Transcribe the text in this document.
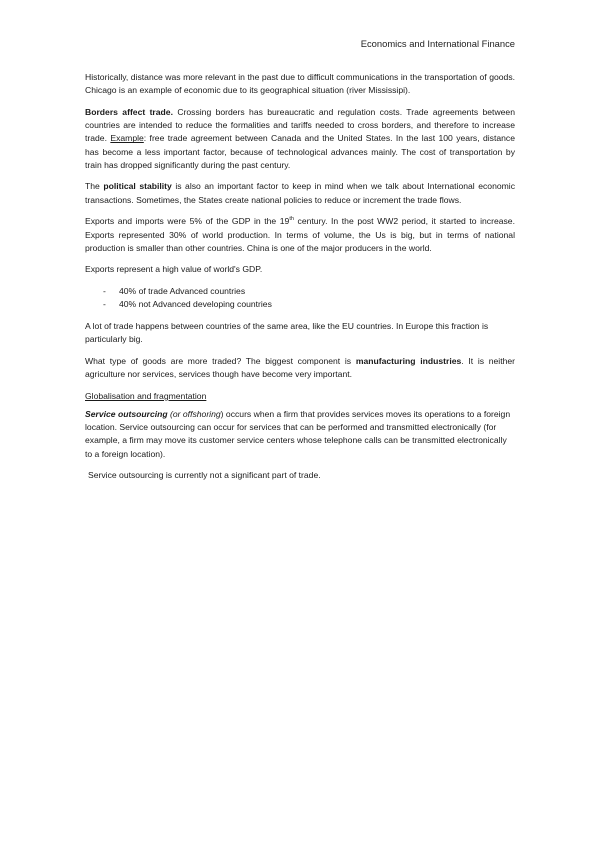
Economics and International Finance

Historically, distance was more relevant in the past due to difficult communications in the transportation of goods. Chicago is an example of economic due to its geographical situation (river Mississipi).

Borders affect trade. Crossing borders has bureaucratic and regulation costs. Trade agreements between countries are intended to reduce the formalities and tariffs needed to cross borders, and therefore to increase trade. Example: free trade agreement between Canada and the United States. In the last 100 years, distance has become a less important factor, because of technological advances mainly. The cost of transportation by train has dropped significantly during the past century.

The political stability is also an important factor to keep in mind when we talk about International economic transactions. Sometimes, the States create national policies to reduce or increment the trade flows.

Exports and imports were 5% of the GDP in the 19th century. In the post WW2 period, it started to increase. Exports represented 30% of world production. In terms of volume, the Us is big, but in terms of national production is smaller than other countries. China is one of the major producers in the world.

Exports represent a high value of world's GDP.

- 40% of trade Advanced countries
- 40% not Advanced developing countries

A lot of trade happens between countries of the same area, like the EU countries. In Europe this fraction is particularly big.

What type of goods are more traded? The biggest component is manufacturing industries. It is neither agriculture nor services, services though have become very important.

Globalisation and fragmentation

Service outsourcing (or offshoring) occurs when a firm that provides services moves its operations to a foreign location. Service outsourcing can occur for services that can be performed and transmitted electronically (for example, a firm may move its customer service centers whose telephone calls can be transmitted electronically to a foreign location).

Service outsourcing is currently not a significant part of trade.
